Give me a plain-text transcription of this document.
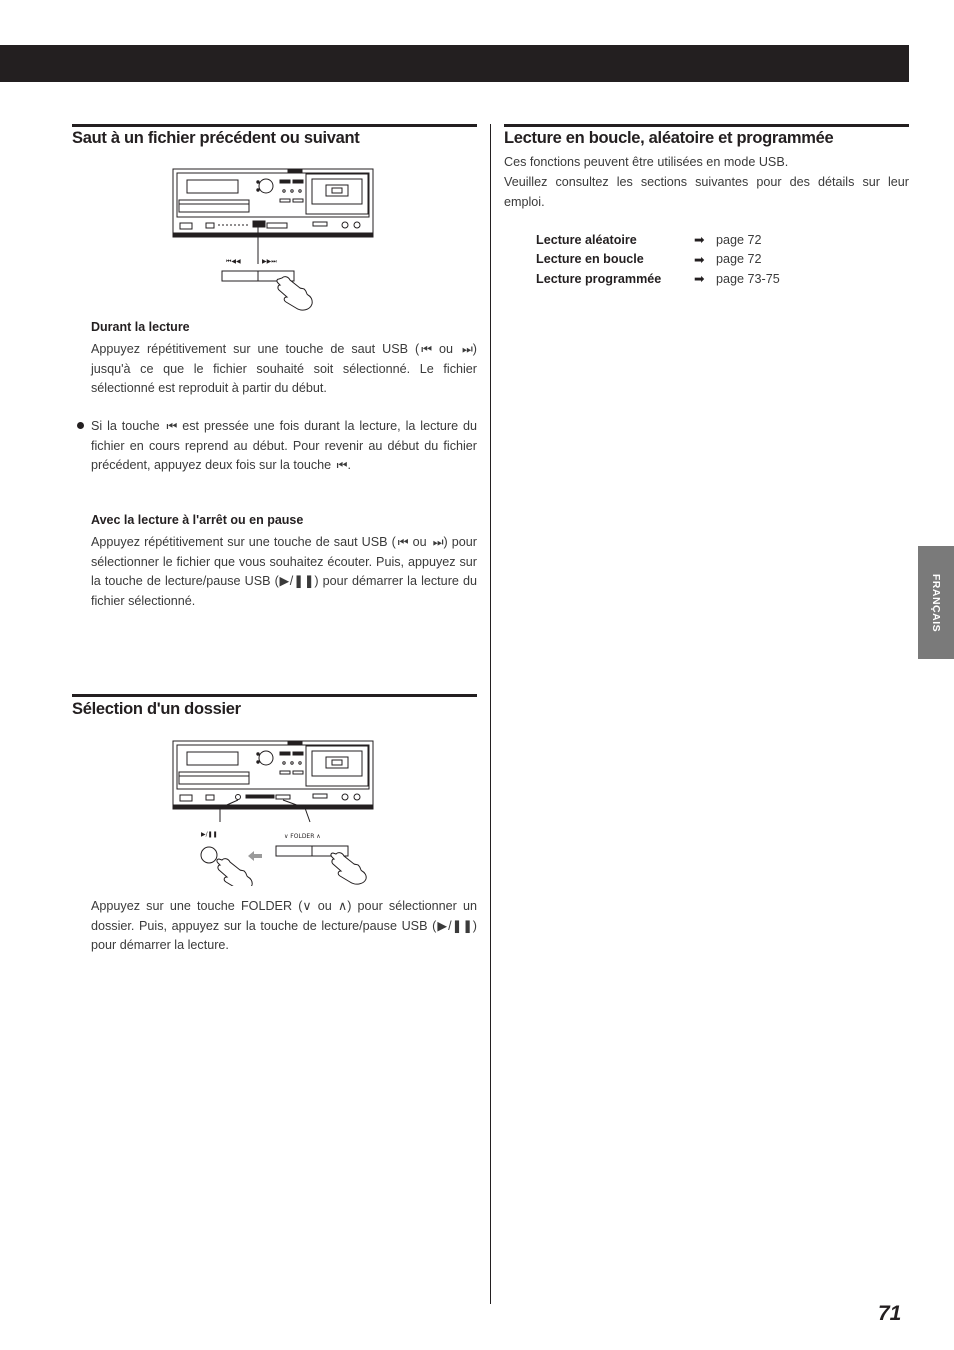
Saut à un fichier précédent ou suivant
⏮◀◀	▶▶⏭
Durant la lecture

Appuyez répétitivement sur une touche de saut USB ( ⏮ ou ⏭ ) jusqu'à ce que le fichier souhaité soit sélectionné. Le fichier sélectionné est reproduit à partir du début.

Si la touche ⏮ est pressée une fois durant la lecture, la lecture du fichier en cours reprend au début. Pour revenir au début du fichier précédent, appuyez deux fois sur la touche ⏮ .

Avec la lecture à l'arrêt ou en pause

Appuyez répétitivement sur une touche de saut USB ( ⏮ ou ⏭ ) pour sélectionner le fichier que vous souhaitez écouter. Puis, appuyez sur la touche de lecture/pause USB (▶/❚❚) pour démarrer la lecture du fichier sélectionné.

Sélection d'un dossier
▶/❚❚	∨ FOLDER ∧

Appuyez sur une touche FOLDER (∨ ou ∧) pour sélectionner un dossier. Puis, appuyez sur la touche de lecture/pause USB (▶/❚❚) pour démarrer la lecture.

Lecture en boucle, aléatoire et programmée

Ces fonctions peuvent être utilisées en mode USB.

Veuillez consultez les sections suivantes pour des détails sur leur emploi.

Lecture aléatoire	➡	page 72
Lecture en boucle	➡	page 72
Lecture programmée	➡	page 73-75
FRANÇAIS
71
